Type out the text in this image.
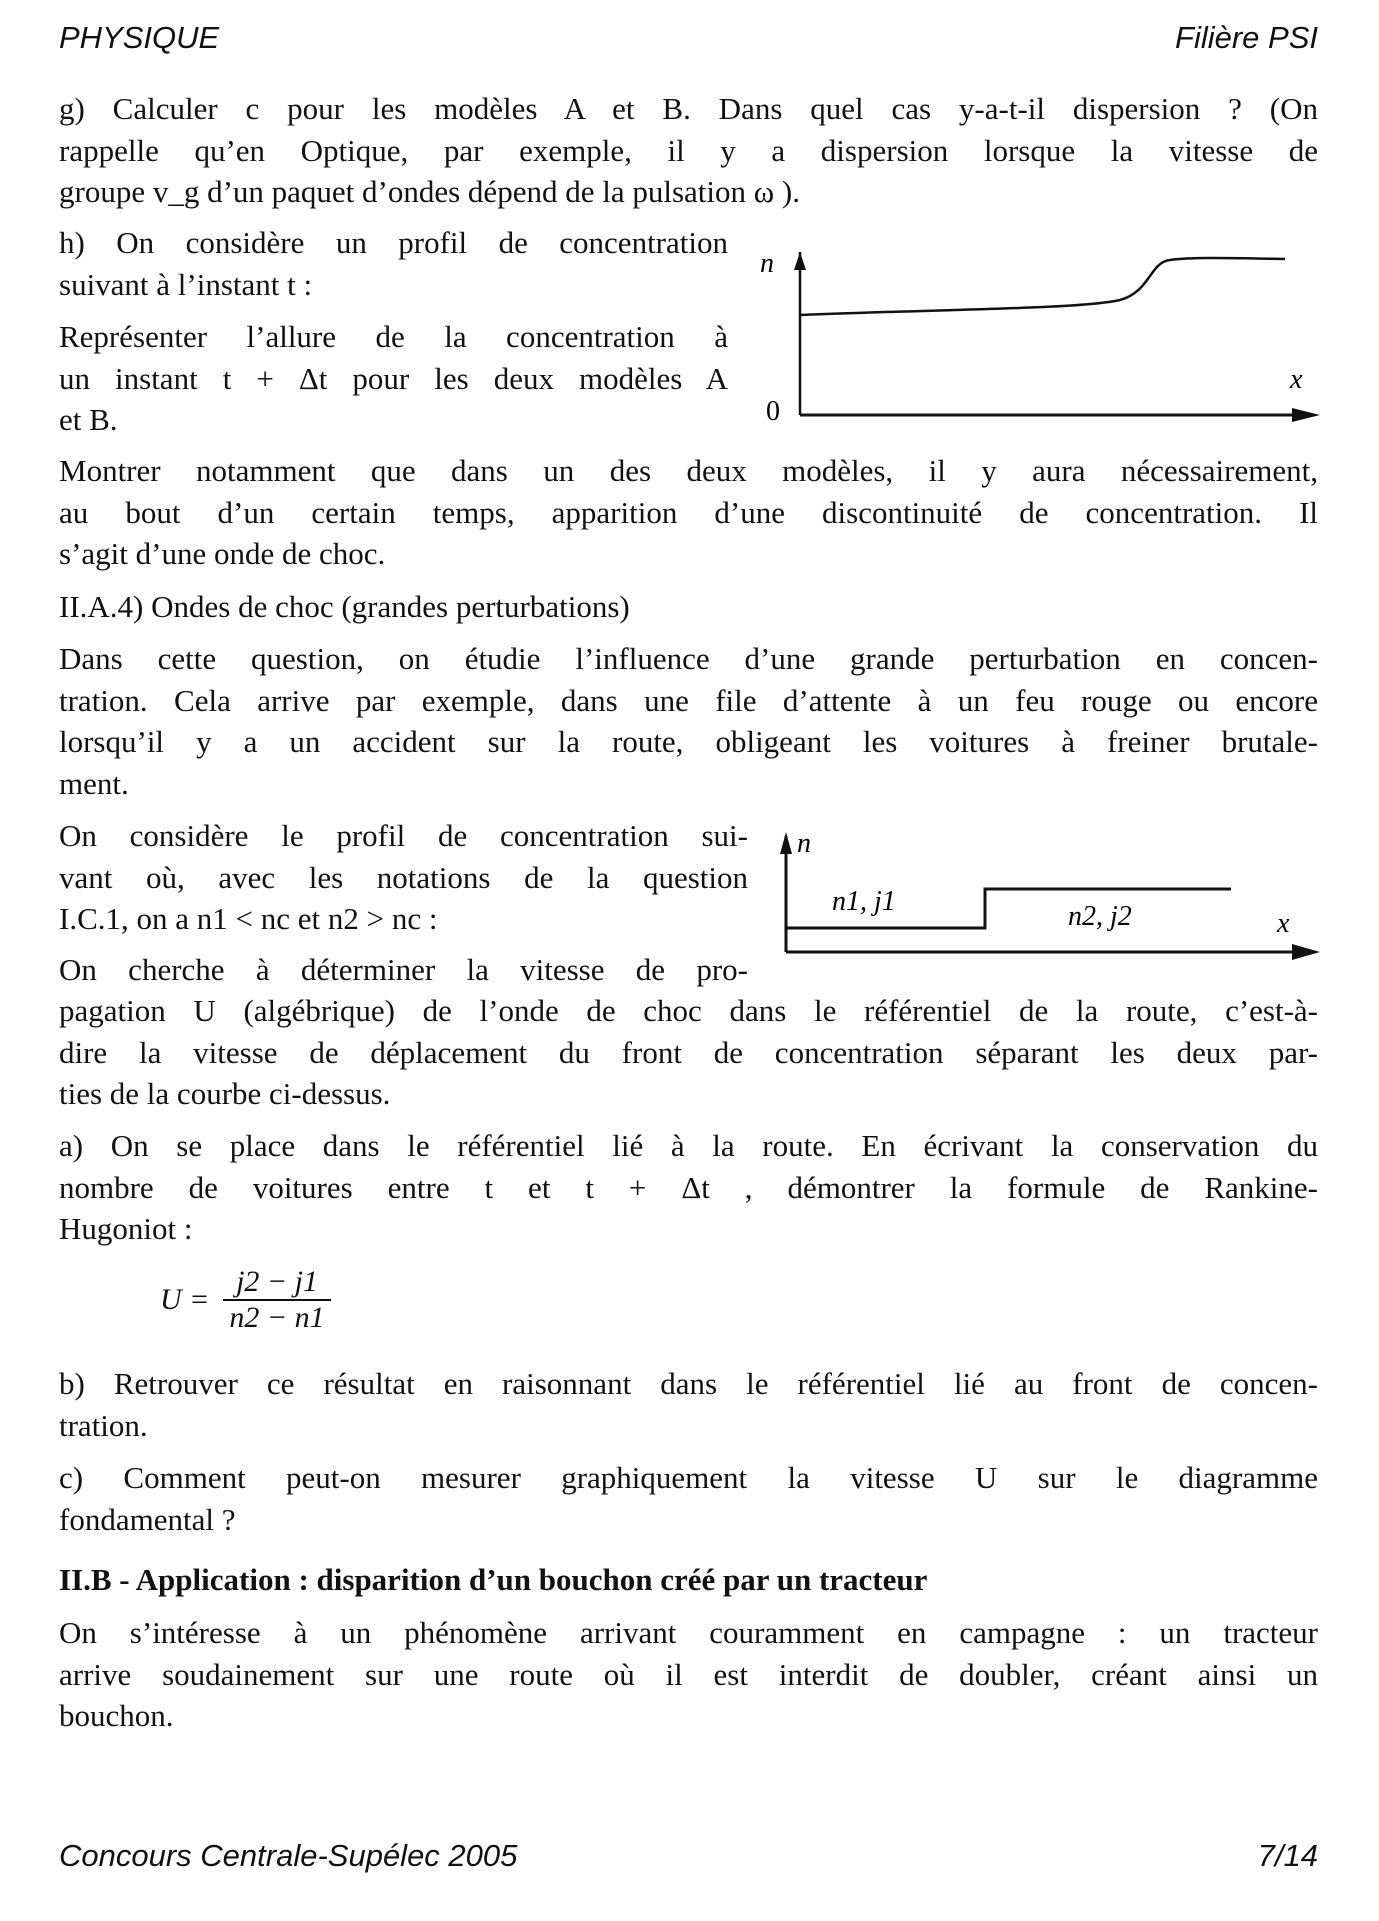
PHYSIQUE	Filière PSI
g) Calculer c pour les modèles A et B. Dans quel cas y-a-t-il dispersion ? (On
rappelle qu’en Optique, par exemple, il y a dispersion lorsque la vitesse de
groupe v_g d’un paquet d’ondes dépend de la pulsation ω ).
h) On considère un profil de concentration
suivant à l’instant t :
Représenter l’allure de la concentration à
un instant t + Δt pour les deux modèles A
et B.
Montrer notamment que dans un des deux modèles, il y aura nécessairement,
au bout d’un certain temps, apparition d’une discontinuité de concentration. Il
s’agit d’une onde de choc.
II.A.4) Ondes de choc (grandes perturbations)
Dans cette question, on étudie l’influence d’une grande perturbation en concen-
tration. Cela arrive par exemple, dans une file d’attente à un feu rouge ou encore
lorsqu’il y a un accident sur la route, obligeant les voitures à freiner brutale-
ment.
On considère le profil de concentration sui-
vant où, avec les notations de la question
I.C.1, on a n1 < nc et n2 > nc :
On cherche à déterminer la vitesse de pro-
pagation U (algébrique) de l’onde de choc dans le référentiel de la route, c’est-à-
dire la vitesse de déplacement du front de concentration séparant les deux par-
ties de la courbe ci-dessus.
a) On se place dans le référentiel lié à la route. En écrivant la conservation du
nombre de voitures entre t et t + Δt , démontrer la formule de Rankine-
Hugoniot :
b) Retrouver ce résultat en raisonnant dans le référentiel lié au front de concen-
tration.
c) Comment peut-on mesurer graphiquement la vitesse U sur le diagramme
fondamental ?
II.B - Application : disparition d’un bouchon créé par un tracteur
On s’intéresse à un phénomène arrivant couramment en campagne : un tracteur
arrive soudainement sur une route où il est interdit de doubler, créant ainsi un
bouchon.
$U = \frac{j2 - j1}{n2 - n1}$
n
0
x
n
n1, j1	n2, j2	x
Concours Centrale-Supélec 2005	7/14
